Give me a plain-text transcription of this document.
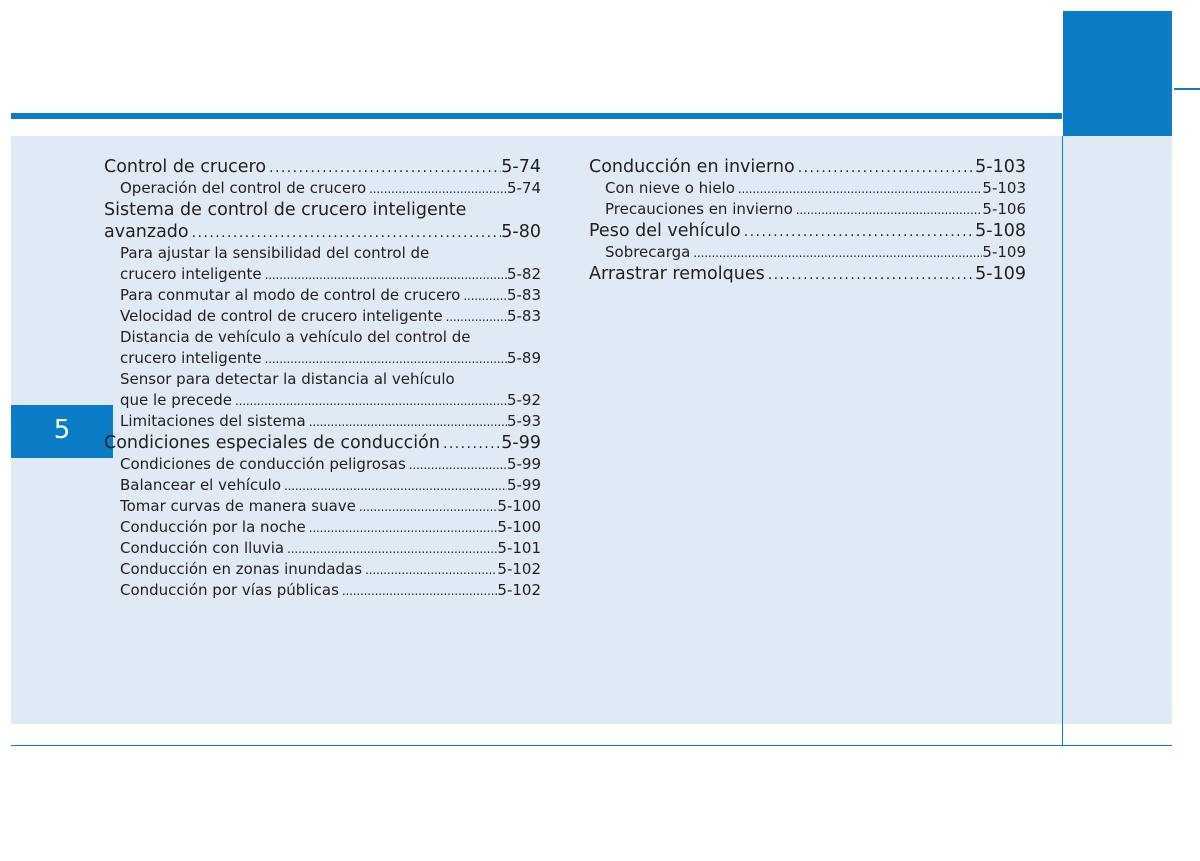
5
Control de crucero . . .	5-74
Operación del control de crucero . . .	5-74
Sistema de control de crucero inteligente
avanzado . . .	5-80
Para ajustar la sensibilidad del control de
crucero inteligente . . .	5-82
Para conmutar al modo de control de crucero . . .	5-83
Velocidad de control de crucero inteligente . . .	5-83
Distancia de vehículo a vehículo del control de
crucero inteligente . . .	5-89
Sensor para detectar la distancia al vehículo
que le precede . . .	5-92
Limitaciones del sistema . . .	5-93
Condiciones especiales de conducción . . .	5-99
Condiciones de conducción peligrosas . . .	5-99
Balancear el vehículo . . .	5-99
Tomar curvas de manera suave . . .	5-100
Conducción por la noche . . .	5-100
Conducción con lluvia . . .	5-101
Conducción en zonas inundadas . . .	5-102
Conducción por vías públicas . . .	5-102
Conducción en invierno . . .	5-103
Con nieve o hielo . . .	5-103
Precauciones en invierno . . .	5-106
Peso del vehículo . . .	5-108
Sobrecarga . . .	5-109
Arrastrar remolques . . .	5-109
